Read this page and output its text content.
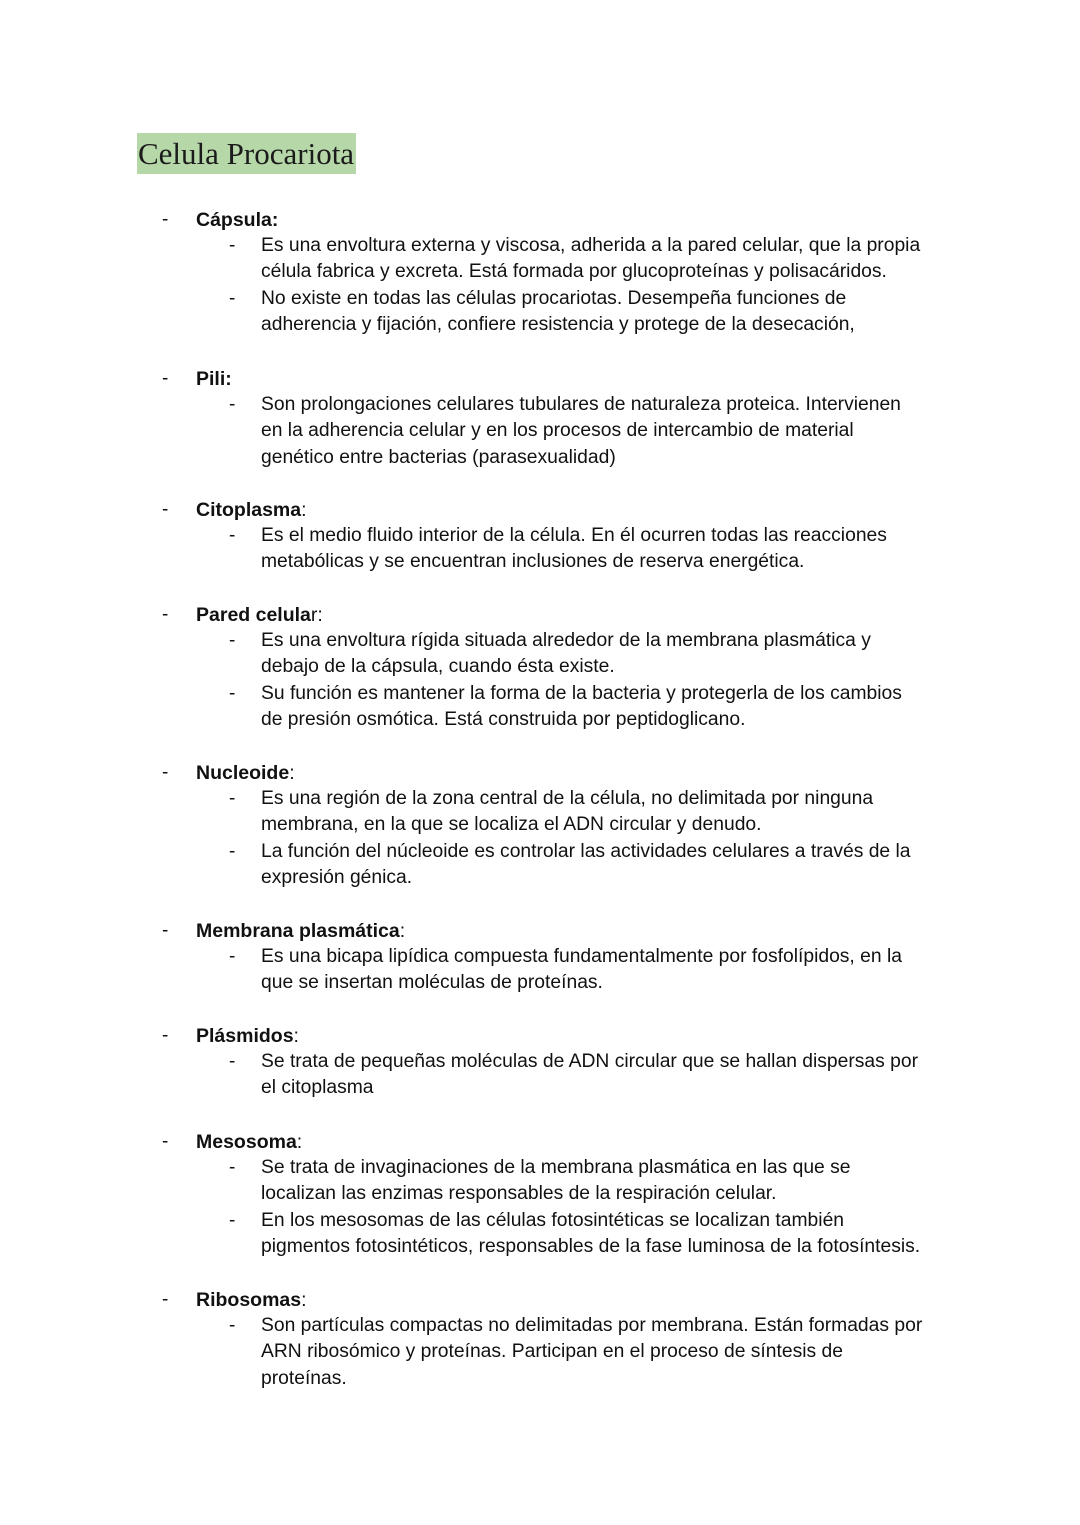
Celula Procariota
- Cápsula:
- Es una envoltura externa y viscosa, adherida a la pared celular, que la propia
célula fabrica y excreta. Está formada por glucoproteínas y polisacáridos.
- No existe en todas las células procariotas. Desempeña funciones de
adherencia y fijación, confiere resistencia y protege de la desecación,
- Pili:
- Son prolongaciones celulares tubulares de naturaleza proteica. Intervienen
en la adherencia celular y en los procesos de intercambio de material
genético entre bacterias (parasexualidad)
- Citoplasma:
- Es el medio fluido interior de la célula. En él ocurren todas las reacciones
metabólicas y se encuentran inclusiones de reserva energética.
- Pared celular:
- Es una envoltura rígida situada alrededor de la membrana plasmática y
debajo de la cápsula, cuando ésta existe.
- Su función es mantener la forma de la bacteria y protegerla de los cambios
de presión osmótica. Está construida por peptidoglicano.
- Nucleoide:
- Es una región de la zona central de la célula, no delimitada por ninguna
membrana, en la que se localiza el ADN circular y denudo.
- La función del núcleoide es controlar las actividades celulares a través de la
expresión génica.
- Membrana plasmática:
- Es una bicapa lipídica compuesta fundamentalmente por fosfolípidos, en la
que se insertan moléculas de proteínas.
- Plásmidos:
- Se trata de pequeñas moléculas de ADN circular que se hallan dispersas por
el citoplasma
- Mesosoma:
- Se trata de invaginaciones de la membrana plasmática en las que se
localizan las enzimas responsables de la respiración celular.
- En los mesosomas de las células fotosintéticas se localizan también
pigmentos fotosintéticos, responsables de la fase luminosa de la fotosíntesis.
- Ribosomas:
- Son partículas compactas no delimitadas por membrana. Están formadas por
ARN ribosómico y proteínas. Participan en el proceso de síntesis de
proteínas.
